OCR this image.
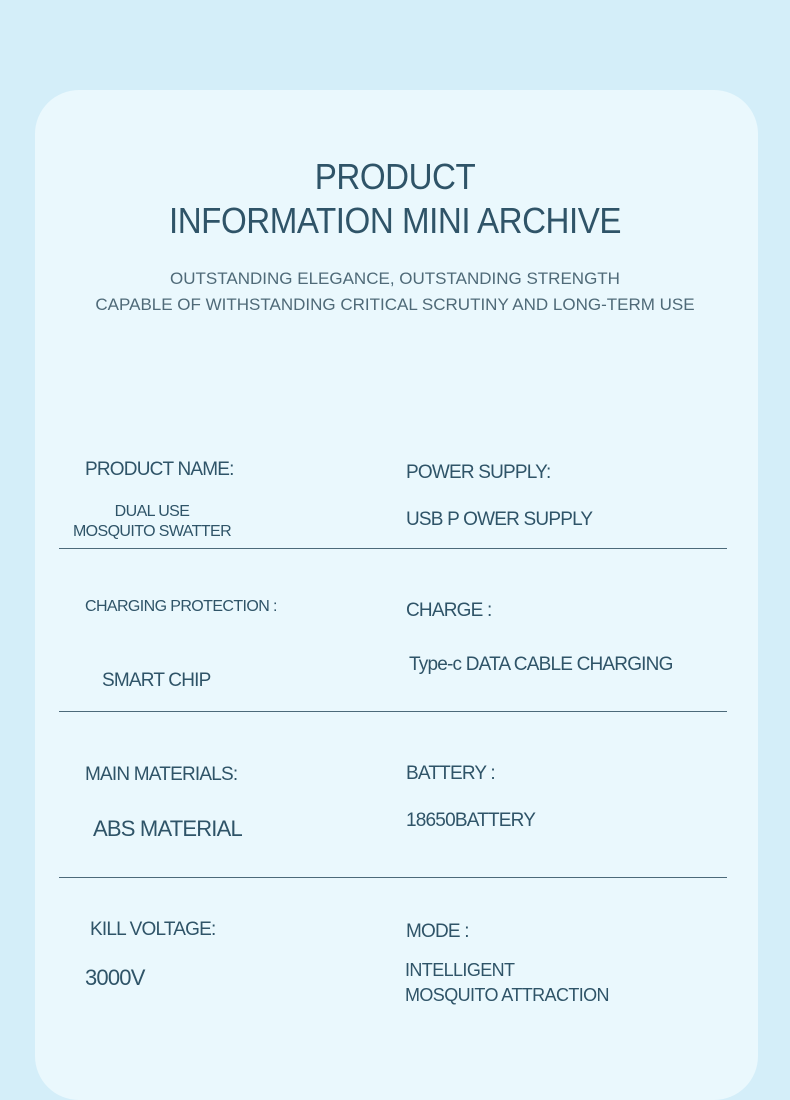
PRODUCT
INFORMATION MINI ARCHIVE
OUTSTANDING ELEGANCE, OUTSTANDING STRENGTH
CAPABLE OF WITHSTANDING CRITICAL SCRUTINY AND LONG-TERM USE
PRODUCT NAME:
DUAL USE
MOSQUITO SWATTER
POWER SUPPLY:
USB P OWER SUPPLY
CHARGING PROTECTION :
SMART CHIP
CHARGE :
Type-c DATA CABLE CHARGING
MAIN MATERIALS:
ABS MATERIAL
BATTERY :
18650BATTERY
KILL VOLTAGE:
3000V
MODE :
INTELLIGENT
MOSQUITO ATTRACTION
